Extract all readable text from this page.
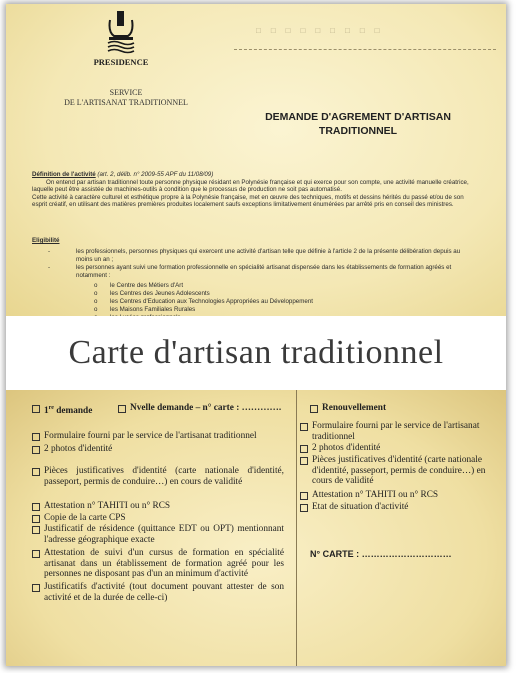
PRESIDENCE
SERVICE
DE L'ARTISANAT TRADITIONNEL
□ □ □ □ □ □ □ □ □
DEMANDE D'AGREMENT D'ARTISAN
TRADITIONNEL
Définition de l'activité (art. 2, délib. n° 2009-55 APF du 11/08/09)
On entend par artisan traditionnel toute personne physique résidant en Polynésie française et qui exerce pour son compte, une activité manuelle créatrice, laquelle peut être assistée de machines-outils à condition que le processus de production ne soit pas automatisé.
Cette activité à caractère culturel et esthétique propre à la Polynésie française, met en œuvre des techniques, motifs et dessins hérités du passé et/ou de son esprit créatif, en utilisant des matières premières produites localement saufs exceptions limitativement énumérées par arrêté pris en conseil des ministres.
Eligibilité
-	les professionnels, personnes physiques qui exercent une activité d'artisan telle que définie à l'article 2 de la présente délibération depuis au moins un an ;
-	les personnes ayant suivi une formation professionnelle en spécialité artisanat dispensée dans les établissements de formation agréés et notamment :
o le Centre des Métiers d'Art
o les Centres des Jeunes Adolescents
o les Centres d'Education aux Technologies Appropriées au Développement
o les Maisons Familiales Rurales
Carte d'artisan traditionnel
1re demande	Nvelle demande – n° carte : ………….
Formulaire fourni par le service de l'artisanat traditionnel
2 photos d'identité
Pièces justificatives d'identité (carte nationale d'identité, passeport, permis de conduire…) en cours de validité
Attestation n° TAHITI ou n° RCS
Copie de la carte CPS
Justificatif de résidence (quittance EDT ou OPT) mentionnant l'adresse géographique exacte
Attestation de suivi d'un cursus de formation en spécialité artisanat dans un établissement de formation agréé pour les personnes ne disposant pas d'un an minimum d'activité
Justificatifs d'activité (tout document pouvant attester de son activité et de la durée de celle-ci)
Renouvellement
Formulaire fourni par le service de l'artisanat traditionnel
2 photos d'identité
Pièces justificatives d'identité (carte nationale d'identité, passeport, permis de conduire…) en cours de validité
Attestation n° TAHITI ou n° RCS
Etat de situation d'activité
N° CARTE : …………………………
